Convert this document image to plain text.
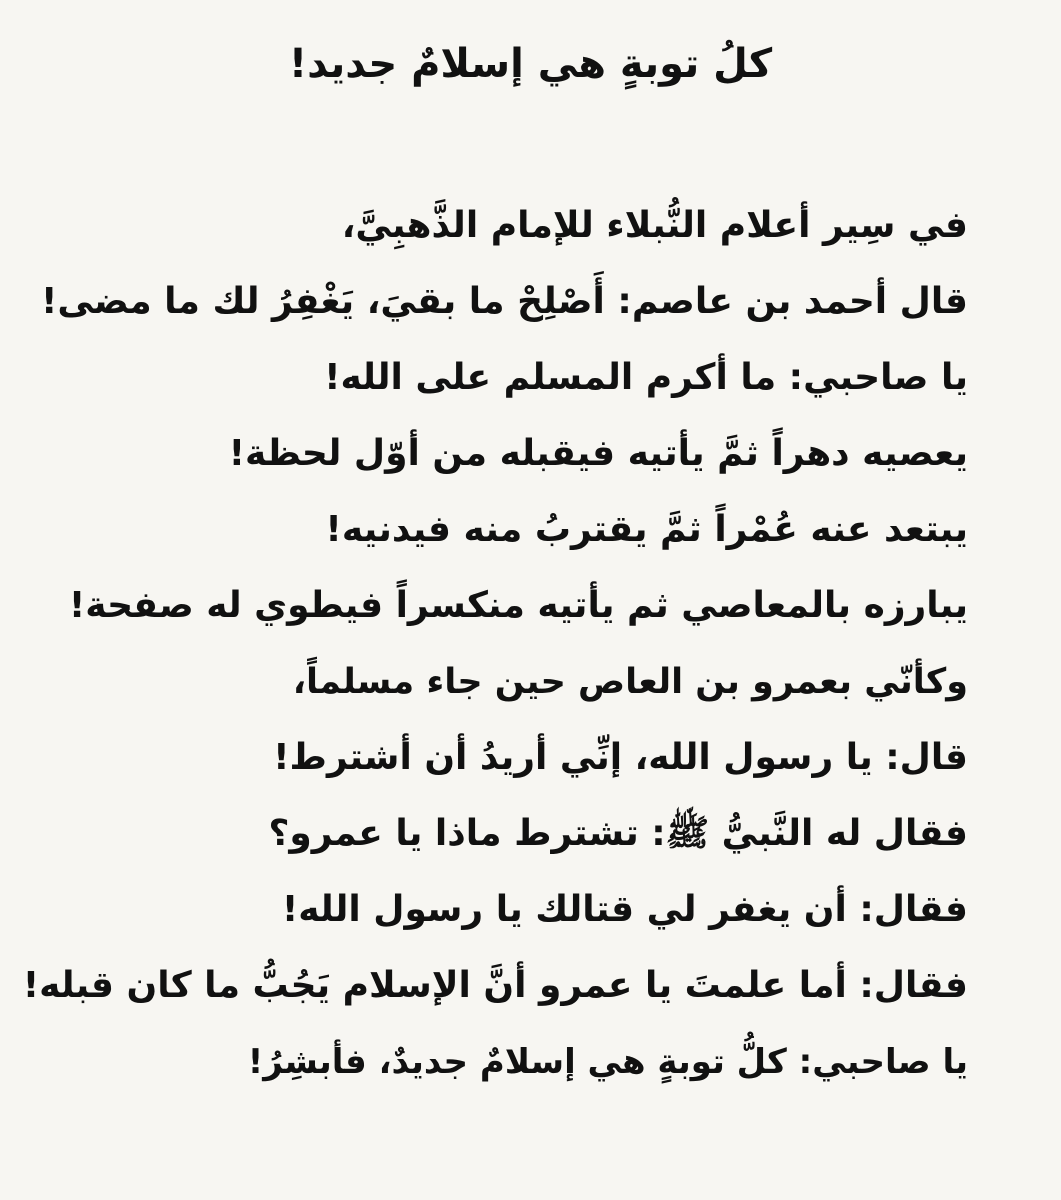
كلُ توبةٍ هي إسلامٌ جديد!
في سِير أعلام النُّبلاء للإمام الذَّهبِيَّ،
قال أحمد بن عاصم: أَصْلِحْ ما بقيَ، يَغْفِرُ لك ما مضى!
يا صاحبي: ما أكرم المسلم على الله!
يعصيه دهراً ثمَّ يأتيه فيقبله من أوّل لحظة!
يبتعد عنه عُمْراً ثمَّ يقتربُ منه فيدنيه!
يبارزه بالمعاصي ثم يأتيه منكسراً فيطوي له صفحة!
وكأنّي بعمرو بن العاص حين جاء مسلماً،
قال: يا رسول الله، إنِّي أريدُ أن أشترط!
فقال له النَّبيُّ ﷺ: تشترط ماذا يا عمرو؟
فقال: أن يغفر لي قتالك يا رسول الله!
فقال: أما علمتَ يا عمرو أنَّ الإسلام يَجُبُّ ما كان قبله!
يا صاحبي: كلُّ توبةٍ هي إسلامٌ جديدٌ، فأبشِرُ!
